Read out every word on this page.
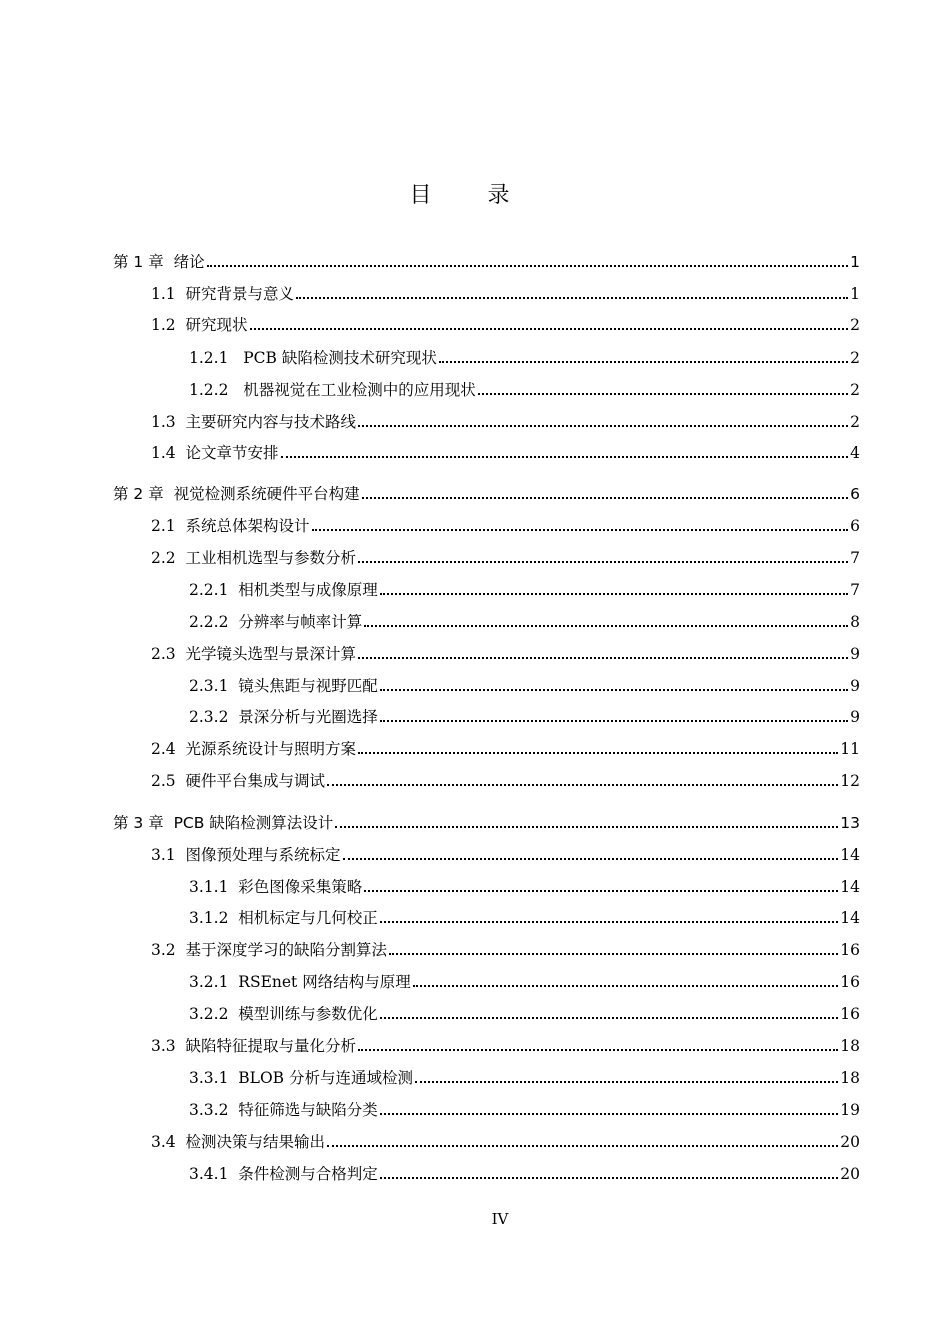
目录
第 1 章  绪论	1
1.1  研究背景与意义	1
1.2  研究现状	2
1.2.1   PCB 缺陷检测技术研究现状	2
1.2.2   机器视觉在工业检测中的应用现状	2
1.3  主要研究内容与技术路线	2
1.4  论文章节安排	4
第 2 章  视觉检测系统硬件平台构建	6
2.1  系统总体架构设计	6
2.2  工业相机选型与参数分析	7
2.2.1  相机类型与成像原理	7
2.2.2  分辨率与帧率计算	8
2.3  光学镜头选型与景深计算	9
2.3.1  镜头焦距与视野匹配	9
2.3.2  景深分析与光圈选择	9
2.4  光源系统设计与照明方案	11
2.5  硬件平台集成与调试	12
第 3 章  PCB 缺陷检测算法设计	13
3.1  图像预处理与系统标定	14
3.1.1  彩色图像采集策略	14
3.1.2  相机标定与几何校正	14
3.2  基于深度学习的缺陷分割算法	16
3.2.1  RSEnet 网络结构与原理	16
3.2.2  模型训练与参数优化	16
3.3  缺陷特征提取与量化分析	18
3.3.1  BLOB 分析与连通域检测	18
3.3.2  特征筛选与缺陷分类	19
3.4  检测决策与结果输出	20
3.4.1  条件检测与合格判定	20
IV
